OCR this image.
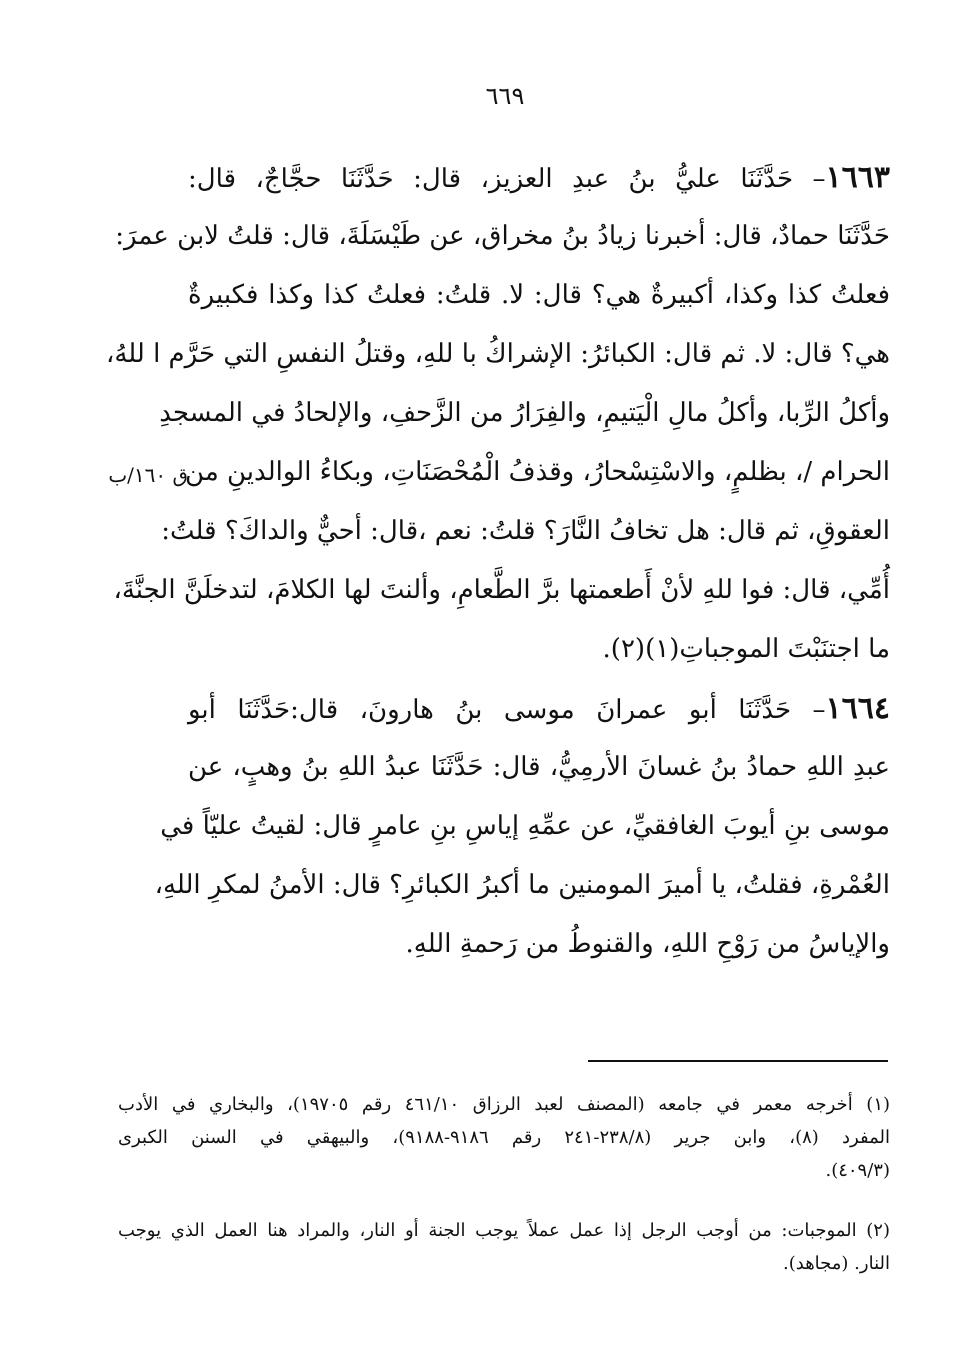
٦٦٩
ق ١٦٠/ب
١٦٦٣– حَدَّثَنَا عليُّ بنُ عبدِ العزيز، قال: حَدَّثَنَا حجَّاجٌ، قال:
حَدَّثَنَا حمادٌ، قال: أخبرنا زيادُ بنُ مخراق، عن طَيْسَلَةَ، قال: قلتُ لابن عمرَ:
فعلتُ كذا وكذا، أكبيرةٌ هي؟ قال: لا. قلتُ: فعلتُ كذا وكذا فكبيرةٌ
هي؟ قال: لا. ثم قال: الكبائرُ: الإشراكُ با للهِ، وقتلُ النفسِ التي حَرَّم ا للهُ،
وأكلُ الرِّبا، وأكلُ مالِ الْيَتيمِ، والفِرَارُ من الزَّحفِ، والإلحادُ في المسجدِ
الحرام /، بظلمٍ، والاسْتِسْحارُ، وقذفُ الْمُحْصَنَاتِ، وبكاءُ الوالدينِ من
العقوقِ، ثم قال: هل تخافُ النَّارَ؟ قلتُ: نعم ،قال: أحيٌّ والداكَ؟ قلتُ:
أُمِّي، قال: فوا للهِ لأنْ أَطعمتها برَّ الطَّعامِ، وألنتَ لها الكلامَ، لتدخلَنَّ الجنَّةَ،
ما اجتنَبْتَ الموجباتِ(١)(٢).
١٦٦٤– حَدَّثَنَا أبو عمرانَ موسى بنُ هارونَ، قال:حَدَّثَنَا أبو
عبدِ اللهِ حمادُ بنُ غسانَ الأرمِيُّ، قال: حَدَّثَنَا عبدُ اللهِ بنُ وهبٍ، عن
موسى بنِ أيوبَ الغافقيِّ، عن عمِّهِ إياسِ بنِ عامرٍ قال: لقيتُ عليّاً في
العُمْرةِ، فقلتُ، يا أميرَ المومنين ما أكبرُ الكبائرِ؟ قال: الأمنُ لمكرِ اللهِ،
والإياسُ من رَوْحِ اللهِ، والقنوطُ من رَحمةِ اللهِ.
(١) أخرجه معمر في جامعه (المصنف لعبد الرزاق ٤٦١/١٠ رقم ١٩٧٠٥)، والبخاري في الأدب
المفرد (٨)، وابن جرير (٢٣٨/٨-٢٤١ رقم ٩١٨٦-٩١٨٨)، والبيهقي في السنن الكبرى
(٤٠٩/٣).
(٢) الموجبات: من أوجب الرجل إذا عمل عملاً يوجب الجنة أو النار، والمراد هنا العمل الذي يوجب
النار. (مجاهد).
